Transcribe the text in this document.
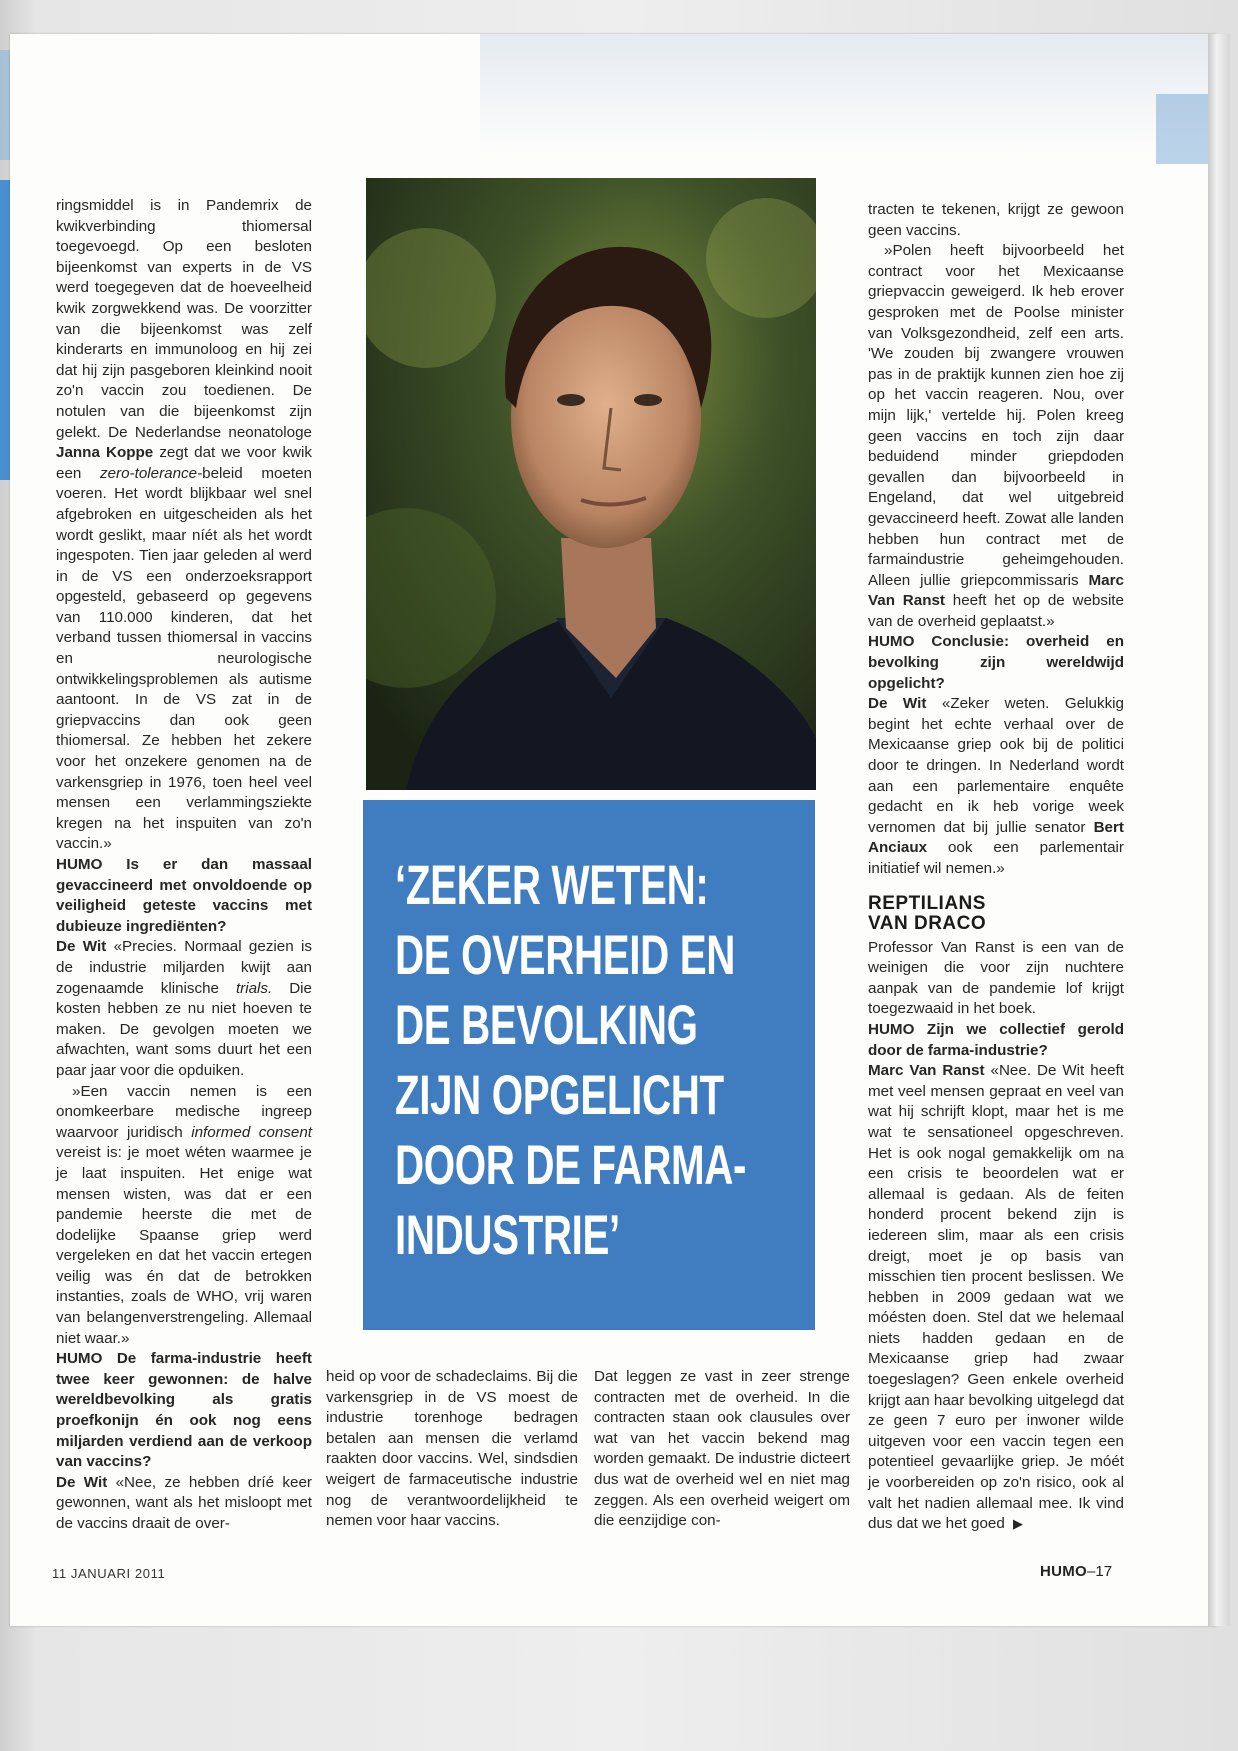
ringsmiddel is in Pandemrix de kwikverbinding thiomersal toegevoegd. Op een besloten bijeenkomst van experts in de VS werd toegegeven dat de hoeveelheid kwik zorgwekkend was. De voorzitter van die bijeenkomst was zelf kinderarts en immunoloog en hij zei dat hij zijn pasgeboren kleinkind nooit zo'n vaccin zou toedienen. De notulen van die bijeenkomst zijn gelekt. De Nederlandse neonatologe Janna Koppe zegt dat we voor kwik een zero-tolerance-beleid moeten voeren. Het wordt blijkbaar wel snel afgebroken en uitgescheiden als het wordt geslikt, maar níét als het wordt ingespoten. Tien jaar geleden al werd in de VS een onderzoeksrapport opgesteld, gebaseerd op gegevens van 110.000 kinderen, dat het verband tussen thiomersal in vaccins en neurologische ontwikkelingsproblemen als autisme aantoont. In de VS zat in de griepvaccins dan ook geen thiomersal. Ze hebben het zekere voor het onzekere genomen na de varkensgriep in 1976, toen heel veel mensen een verlammingsziekte kregen na het inspuiten van zo'n vaccin.»

HUMO Is er dan massaal gevaccineerd met onvoldoende op veiligheid geteste vaccins met dubieuze ingrediënten?

De Wit «Precies. Normaal gezien is de industrie miljarden kwijt aan zogenaamde klinische trials. Die kosten hebben ze nu niet hoeven te maken. De gevolgen moeten we afwachten, want soms duurt het een paar jaar voor die opduiken.

»Een vaccin nemen is een onomkeerbare medische ingreep waarvoor juridisch informed consent vereist is: je moet wéten waarmee je je laat inspuiten. Het enige wat mensen wisten, was dat er een pandemie heerste die met de dodelijke Spaanse griep werd vergeleken en dat het vaccin ertegen veilig was én dat de betrokken instanties, zoals de WHO, vrij waren van belangenverstrengeling. Allemaal niet waar.»

HUMO De farma-industrie heeft twee keer gewonnen: de halve wereldbevolking als gratis proefkonijn én ook nog eens miljarden verdiend aan de verkoop van vaccins?

De Wit «Nee, ze hebben dríé keer gewonnen, want als het misloopt met de vaccins draait de over-

‘ZEKER WETEN:
DE OVERHEID EN
DE BEVOLKING
ZIJN OPGELICHT
DOOR DE FARMA-
INDUSTRIE’

heid op voor de schadeclaims. Bij die varkensgriep in de VS moest de industrie torenhoge bedragen betalen aan mensen die verlamd raakten door vaccins. Wel, sindsdien weigert de farmaceutische industrie nog de verantwoordelijkheid te nemen voor haar vaccins.

Dat leggen ze vast in zeer strenge contracten met de overheid. In die contracten staan ook clausules over wat van het vaccin bekend mag worden gemaakt. De industrie dicteert dus wat de overheid wel en niet mag zeggen. Als een overheid weigert om die eenzijdige con-

tracten te tekenen, krijgt ze gewoon geen vaccins.

»Polen heeft bijvoorbeeld het contract voor het Mexicaanse griepvaccin geweigerd. Ik heb erover gesproken met de Poolse minister van Volksgezondheid, zelf een arts. 'We zouden bij zwangere vrouwen pas in de praktijk kunnen zien hoe zij op het vaccin reageren. Nou, over mijn lijk,' vertelde hij. Polen kreeg geen vaccins en toch zijn daar beduidend minder griepdoden gevallen dan bijvoorbeeld in Engeland, dat wel uitgebreid gevaccineerd heeft. Zowat alle landen hebben hun contract met de farmaindustrie geheimgehouden. Alleen jullie griepcommissaris Marc Van Ranst heeft het op de website van de overheid geplaatst.»

HUMO Conclusie: overheid en bevolking zijn wereldwijd opgelicht?

De Wit «Zeker weten. Gelukkig begint het echte verhaal over de Mexicaanse griep ook bij de politici door te dringen. In Nederland wordt aan een parlementaire enquête gedacht en ik heb vorige week vernomen dat bij jullie senator Bert Anciaux ook een parlementair initiatief wil nemen.»

REPTILIANS
VAN DRACO

Professor Van Ranst is een van de weinigen die voor zijn nuchtere aanpak van de pandemie lof krijgt toegezwaaid in het boek.

HUMO Zijn we collectief gerold door de farma-industrie?

Marc Van Ranst «Nee. De Wit heeft met veel mensen gepraat en veel van wat hij schrijft klopt, maar het is me wat te sensationeel opgeschreven. Het is ook nogal gemakkelijk om na een crisis te beoordelen wat er allemaal is gedaan. Als de feiten honderd procent bekend zijn is iedereen slim, maar als een crisis dreigt, moet je op basis van misschien tien procent beslissen. We hebben in 2009 gedaan wat we móésten doen. Stel dat we helemaal niets hadden gedaan en de Mexicaanse griep had zwaar toegeslagen? Geen enkele overheid krijgt aan haar bevolking uitgelegd dat ze geen 7 euro per inwoner wilde uitgeven voor een vaccin tegen een potentieel gevaarlijke griep. Je móét je voorbereiden op zo'n risico, ook al valt het nadien allemaal mee. Ik vind dus dat we het goed ▶

11 JANUARI 2011	HUMO–17
